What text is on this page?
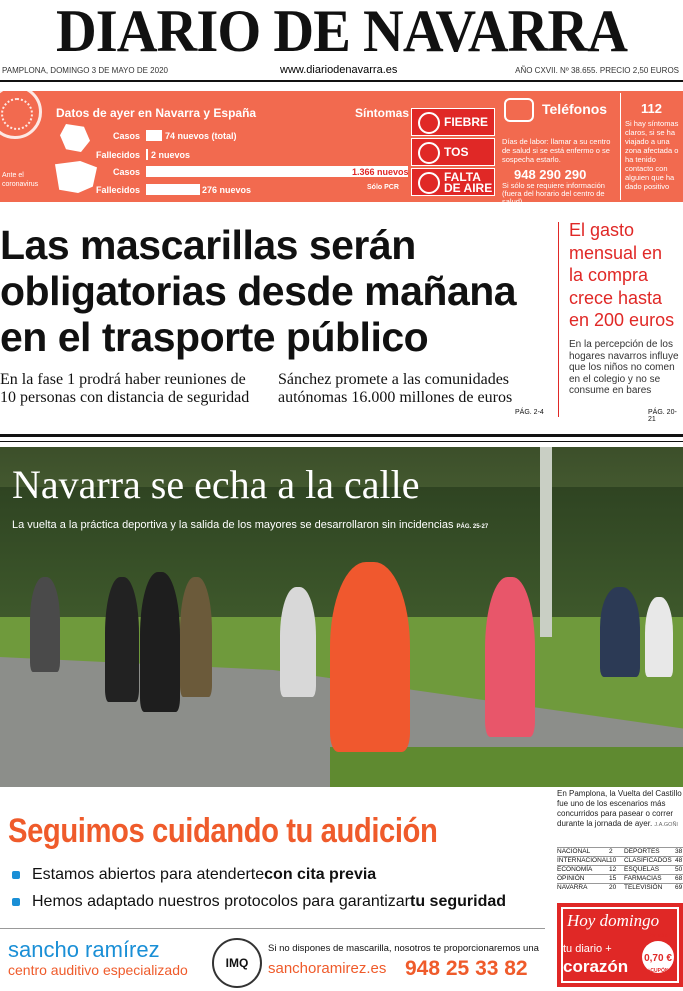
DIARIO DE NAVARRA
PAMPLONA, DOMINGO 3 DE MAYO DE 2020	www.diariodenavarra.es	AÑO CXVII. Nº 38.655. PRECIO 2,50 EUROS
Ante el coronavirus
Datos de ayer en Navarra y España	Síntomas
Casos	74 nuevos (total)
Fallecidos 2 nuevos
Casos	1.366 nuevos
Fallecidos	276 nuevos	Sólo PCR
FIEBRE
TOS
FALTA DE AIRE
Teléfonos
Días de labor: llamar a su centro de salud si se está enfermo o se sospecha estarlo.
948 290 290
Si sólo se requiere información (fuera del horario del centro de salud).
112
Si hay síntomas claros, si se ha viajado a una zona afectada o ha tenido contacto con alguien que ha dado positivo
Las mascarillas serán obligatorias desde mañana en el trasporte público
En la fase 1 prodrá haber reuniones de 10 personas con distancia de seguridad
Sánchez promete a las comunidades autónomas 16.000 millones de euros
PÁG. 2-4
El gasto mensual en la compra crece hasta en 200 euros
En la percepción de los hogares navarros influye que los niños no comen en el colegio y no se consume en bares
PÁG. 20-21
Navarra se echa a la calle
La vuelta a la práctica deportiva y la salida de los mayores se desarrollaron sin incidencias PÁG. 25-27
En Pamplona, la Vuelta del Castillo fue uno de los escenarios más concurridos para pasear o correr durante la jornada de ayer. J.A.GOÑI
NACIONAL	2
INTERNACIONAL 10
ECONOMÍA	12
OPINIÓN	15
NAVARRA	20
DEPORTES 38
CLASIFICADOS 48
ESQUELAS 50
FARMACIAS 68
TELEVISIÓN 69
Hoy domingo
tu diario +
corazón
Por sólo
0,70 €
+CUPÓN
Seguimos cuidando tu audición
Estamos abiertos para atendertecon cita previa
Hemos adaptado nuestros protocolos para garantizartu seguridad
sancho ramírez
centro auditivo especializado	IMQ
Si no dispones de mascarilla, nosotros te proporcionaremos una
sanchoramirez.es 948 25 33 82
